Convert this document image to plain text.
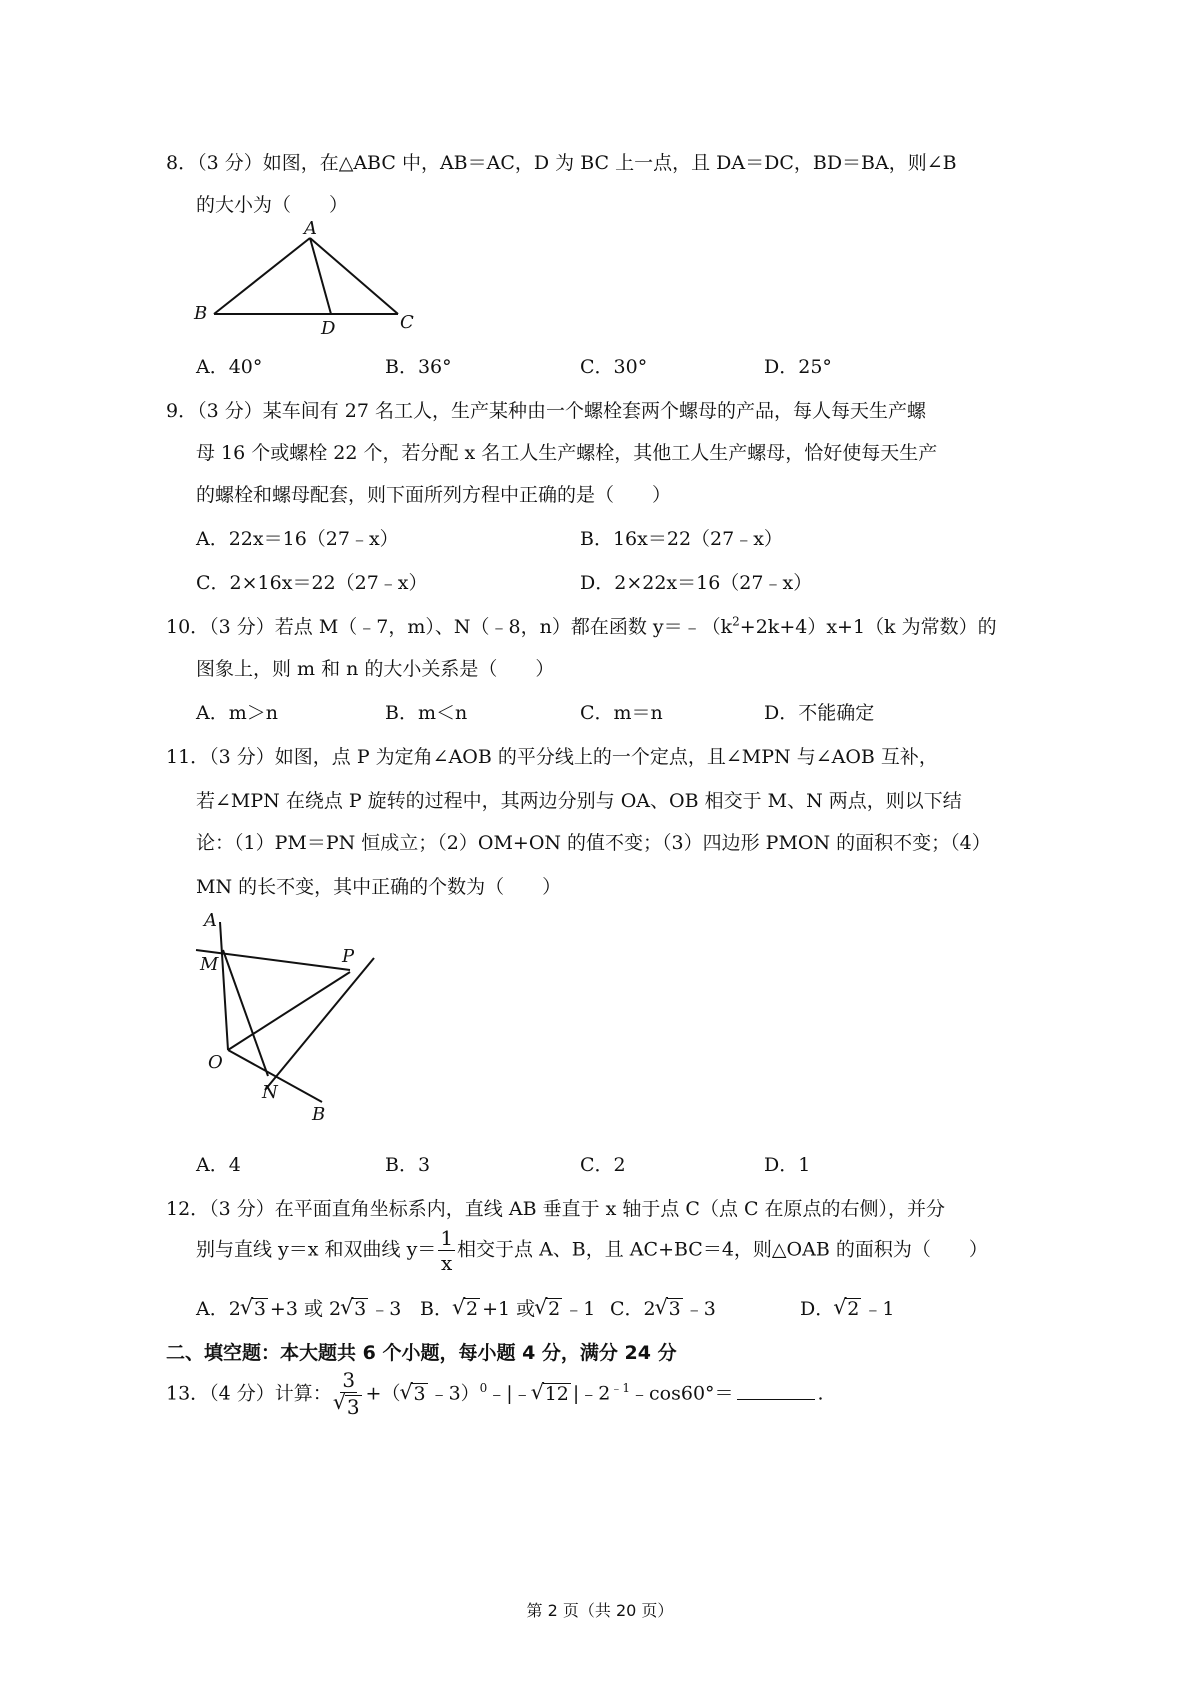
8．（3 分）如图，在△ABC 中，AB＝AC，D 为 BC 上一点，且 DA＝DC，BD＝BA，则∠B
的大小为（　　）
A
B	C
D
A．40°	B．36°	C．30°	D．25°
9．（3 分）某车间有 27 名工人，生产某种由一个螺栓套两个螺母的产品，每人每天生产螺
母 16 个或螺栓 22 个，若分配 x 名工人生产螺栓，其他工人生产螺母，恰好使每天生产
的螺栓和螺母配套，则下面所列方程中正确的是（　　）
A．22x＝16（27﹣x）	B．16x＝22（27﹣x）
C．2×16x＝22（27﹣x）	D．2×22x＝16（27﹣x）
10．（3 分）若点 M（﹣7，m）、N（﹣8，n）都在函数 $y=﹣(k^2+2k+4)x+1(k$ 为常数）的
图象上，则 m 和 n 的大小关系是（　　）
A．m＞n	B．m＜n	C．m＝n	D．不能确定
11．（3 分）如图，点 P 为定角∠AOB 的平分线上的一个定点，且∠MPN 与∠AOB 互补，
若∠MPN 在绕点 P 旋转的过程中，其两边分别与 OA、OB 相交于 M、N 两点，则以下结
论：（1）PM＝PN 恒成立；（2）OM+ON 的值不变；（3）四边形 PMON 的面积不变；（4）
MN 的长不变，其中正确的个数为（　　）
A
M	P
O
N
B
A．4	B．3	C．2	D．1
12．（3 分）在平面直角坐标系内，直线 AB 垂直于 x 轴于点 C（点 C 在原点的右侧），并分
别与直线 y＝x 和双曲线 $y= \frac{1}{x}$ 相交于点 A、B，且 AC+BC＝4，则△OAB 的面积为（　　）
A．2 √ 3 +3 或 2 √ 3 ﹣3 B． √ 2 +1 或 √ 2 ﹣1 C．2 √ 3 ﹣3	D． √ 2 ﹣1
二、填空题：本大题共 6 个小题，每小题 4 分，满分 24 分
13．（4 分）计算： 3
√ 3 +（ √ 3 ﹣3）$^0$﹣|﹣ √ 12 $|﹣2^{﹣1}﹣\cos 60^\circ=$	.
第 2 页（共 20 页）
